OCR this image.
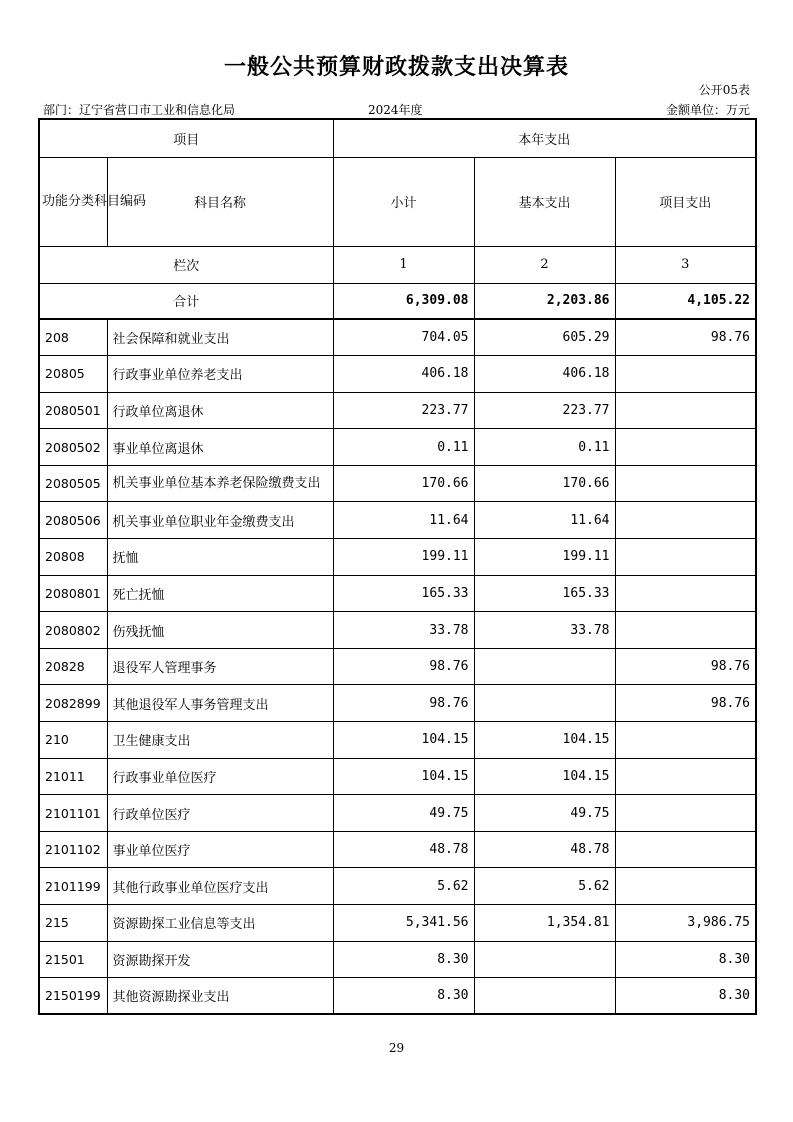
一般公共预算财政拨款支出决算表
公开05表
部门：辽宁省营口市工业和信息化局	2024年度	金额单位：万元
项目		本年支出		
功能分类科目编码	科目名称	小计	基本支出	项目支出
栏次		1	2	3
合计		6,309.08	2,203.86	4,105.22
208	社会保障和就业支出	704.05	605.29	98.76
20805	行政事业单位养老支出	406.18	406.18	
2080501	行政单位离退休	223.77	223.77	
2080502	事业单位离退休	0.11	0.11	
2080505	机关事业单位基本养老保险缴费支出	170.66	170.66	
2080506	机关事业单位职业年金缴费支出	11.64	11.64	
20808	抚恤	199.11	199.11	
2080801	死亡抚恤	165.33	165.33	
2080802	伤残抚恤	33.78	33.78	
20828	退役军人管理事务	98.76		98.76
2082899	其他退役军人事务管理支出	98.76		98.76
210	卫生健康支出	104.15	104.15	
21011	行政事业单位医疗	104.15	104.15	
2101101	行政单位医疗	49.75	49.75	
2101102	事业单位医疗	48.78	48.78	
2101199	其他行政事业单位医疗支出	5.62	5.62	
215	资源勘探工业信息等支出	5,341.56	1,354.81	3,986.75
21501	资源勘探开发	8.30		8.30
2150199	其他资源勘探业支出	8.30		8.30
29
